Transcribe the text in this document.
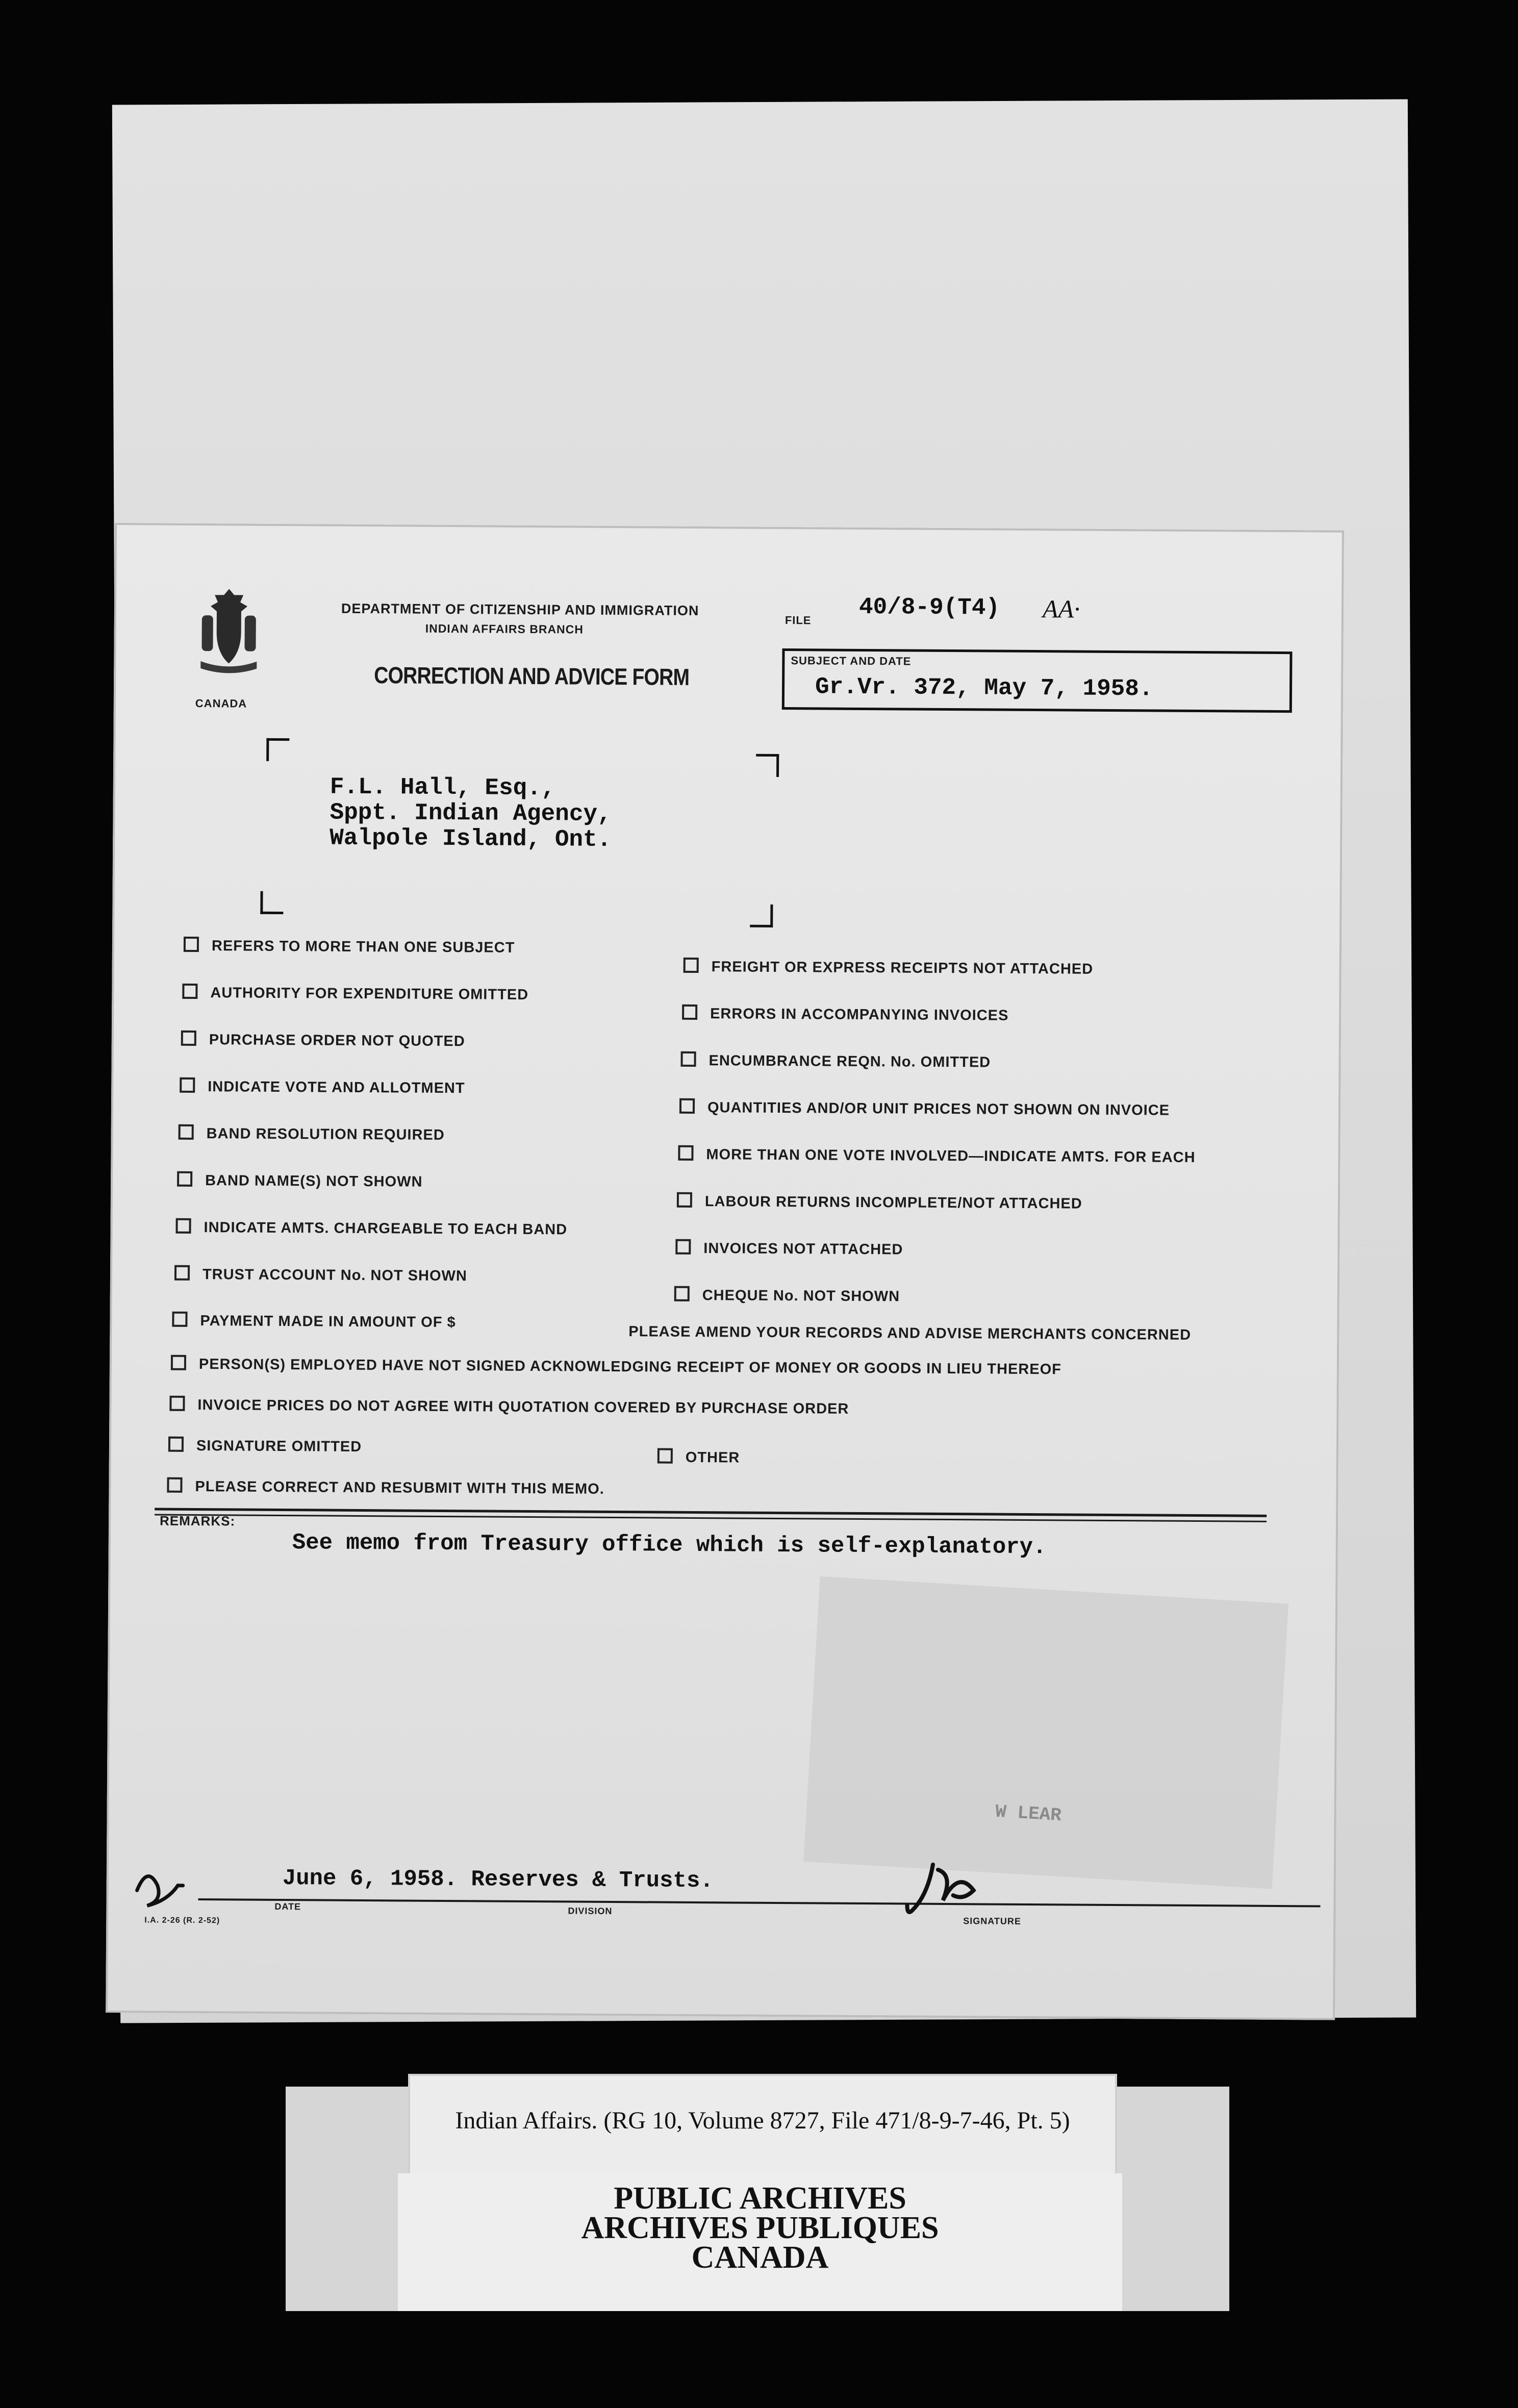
CANADA
DEPARTMENT OF CITIZENSHIP AND IMMIGRATION
INDIAN AFFAIRS BRANCH
CORRECTION AND ADVICE FORM
FILE 40/8-9(T4) AA·
SUBJECT AND DATE
Gr.Vr. 372, May 7, 1958.
F.L. Hall, Esq.,
Sppt. Indian Agency,
Walpole Island, Ont.
REFERS TO MORE THAN ONE SUBJECT
AUTHORITY FOR EXPENDITURE OMITTED
PURCHASE ORDER NOT QUOTED
INDICATE VOTE AND ALLOTMENT
BAND RESOLUTION REQUIRED
BAND NAME(S) NOT SHOWN
INDICATE AMTS. CHARGEABLE TO EACH BAND
TRUST ACCOUNT No. NOT SHOWN
FREIGHT OR EXPRESS RECEIPTS NOT ATTACHED
ERRORS IN ACCOMPANYING INVOICES
ENCUMBRANCE REQN. No. OMITTED
QUANTITIES AND/OR UNIT PRICES NOT SHOWN ON INVOICE
MORE THAN ONE VOTE INVOLVED—INDICATE AMTS. FOR EACH
LABOUR RETURNS INCOMPLETE/NOT ATTACHED
INVOICES NOT ATTACHED
CHEQUE No. NOT SHOWN
PAYMENT MADE IN AMOUNT OF $
PLEASE AMEND YOUR RECORDS AND ADVISE MERCHANTS CONCERNED
PERSON(S) EMPLOYED HAVE NOT SIGNED ACKNOWLEDGING RECEIPT OF MONEY OR GOODS IN LIEU THEREOF
INVOICE PRICES DO NOT AGREE WITH QUOTATION COVERED BY PURCHASE ORDER
SIGNATURE OMITTED
OTHER
PLEASE CORRECT AND RESUBMIT WITH THIS MEMO.
REMARKS:
See memo from Treasury office which is self-explanatory.
W LEAR
June 6, 1958. Reserves & Trusts.
DATE	DIVISION
SIGNATURE
I.A. 2-26 (R. 2-52)
Indian Affairs. (RG 10, Volume 8727, File 471/8-9-7-46, Pt. 5)
PUBLIC ARCHIVES
ARCHIVES PUBLIQUES
CANADA
